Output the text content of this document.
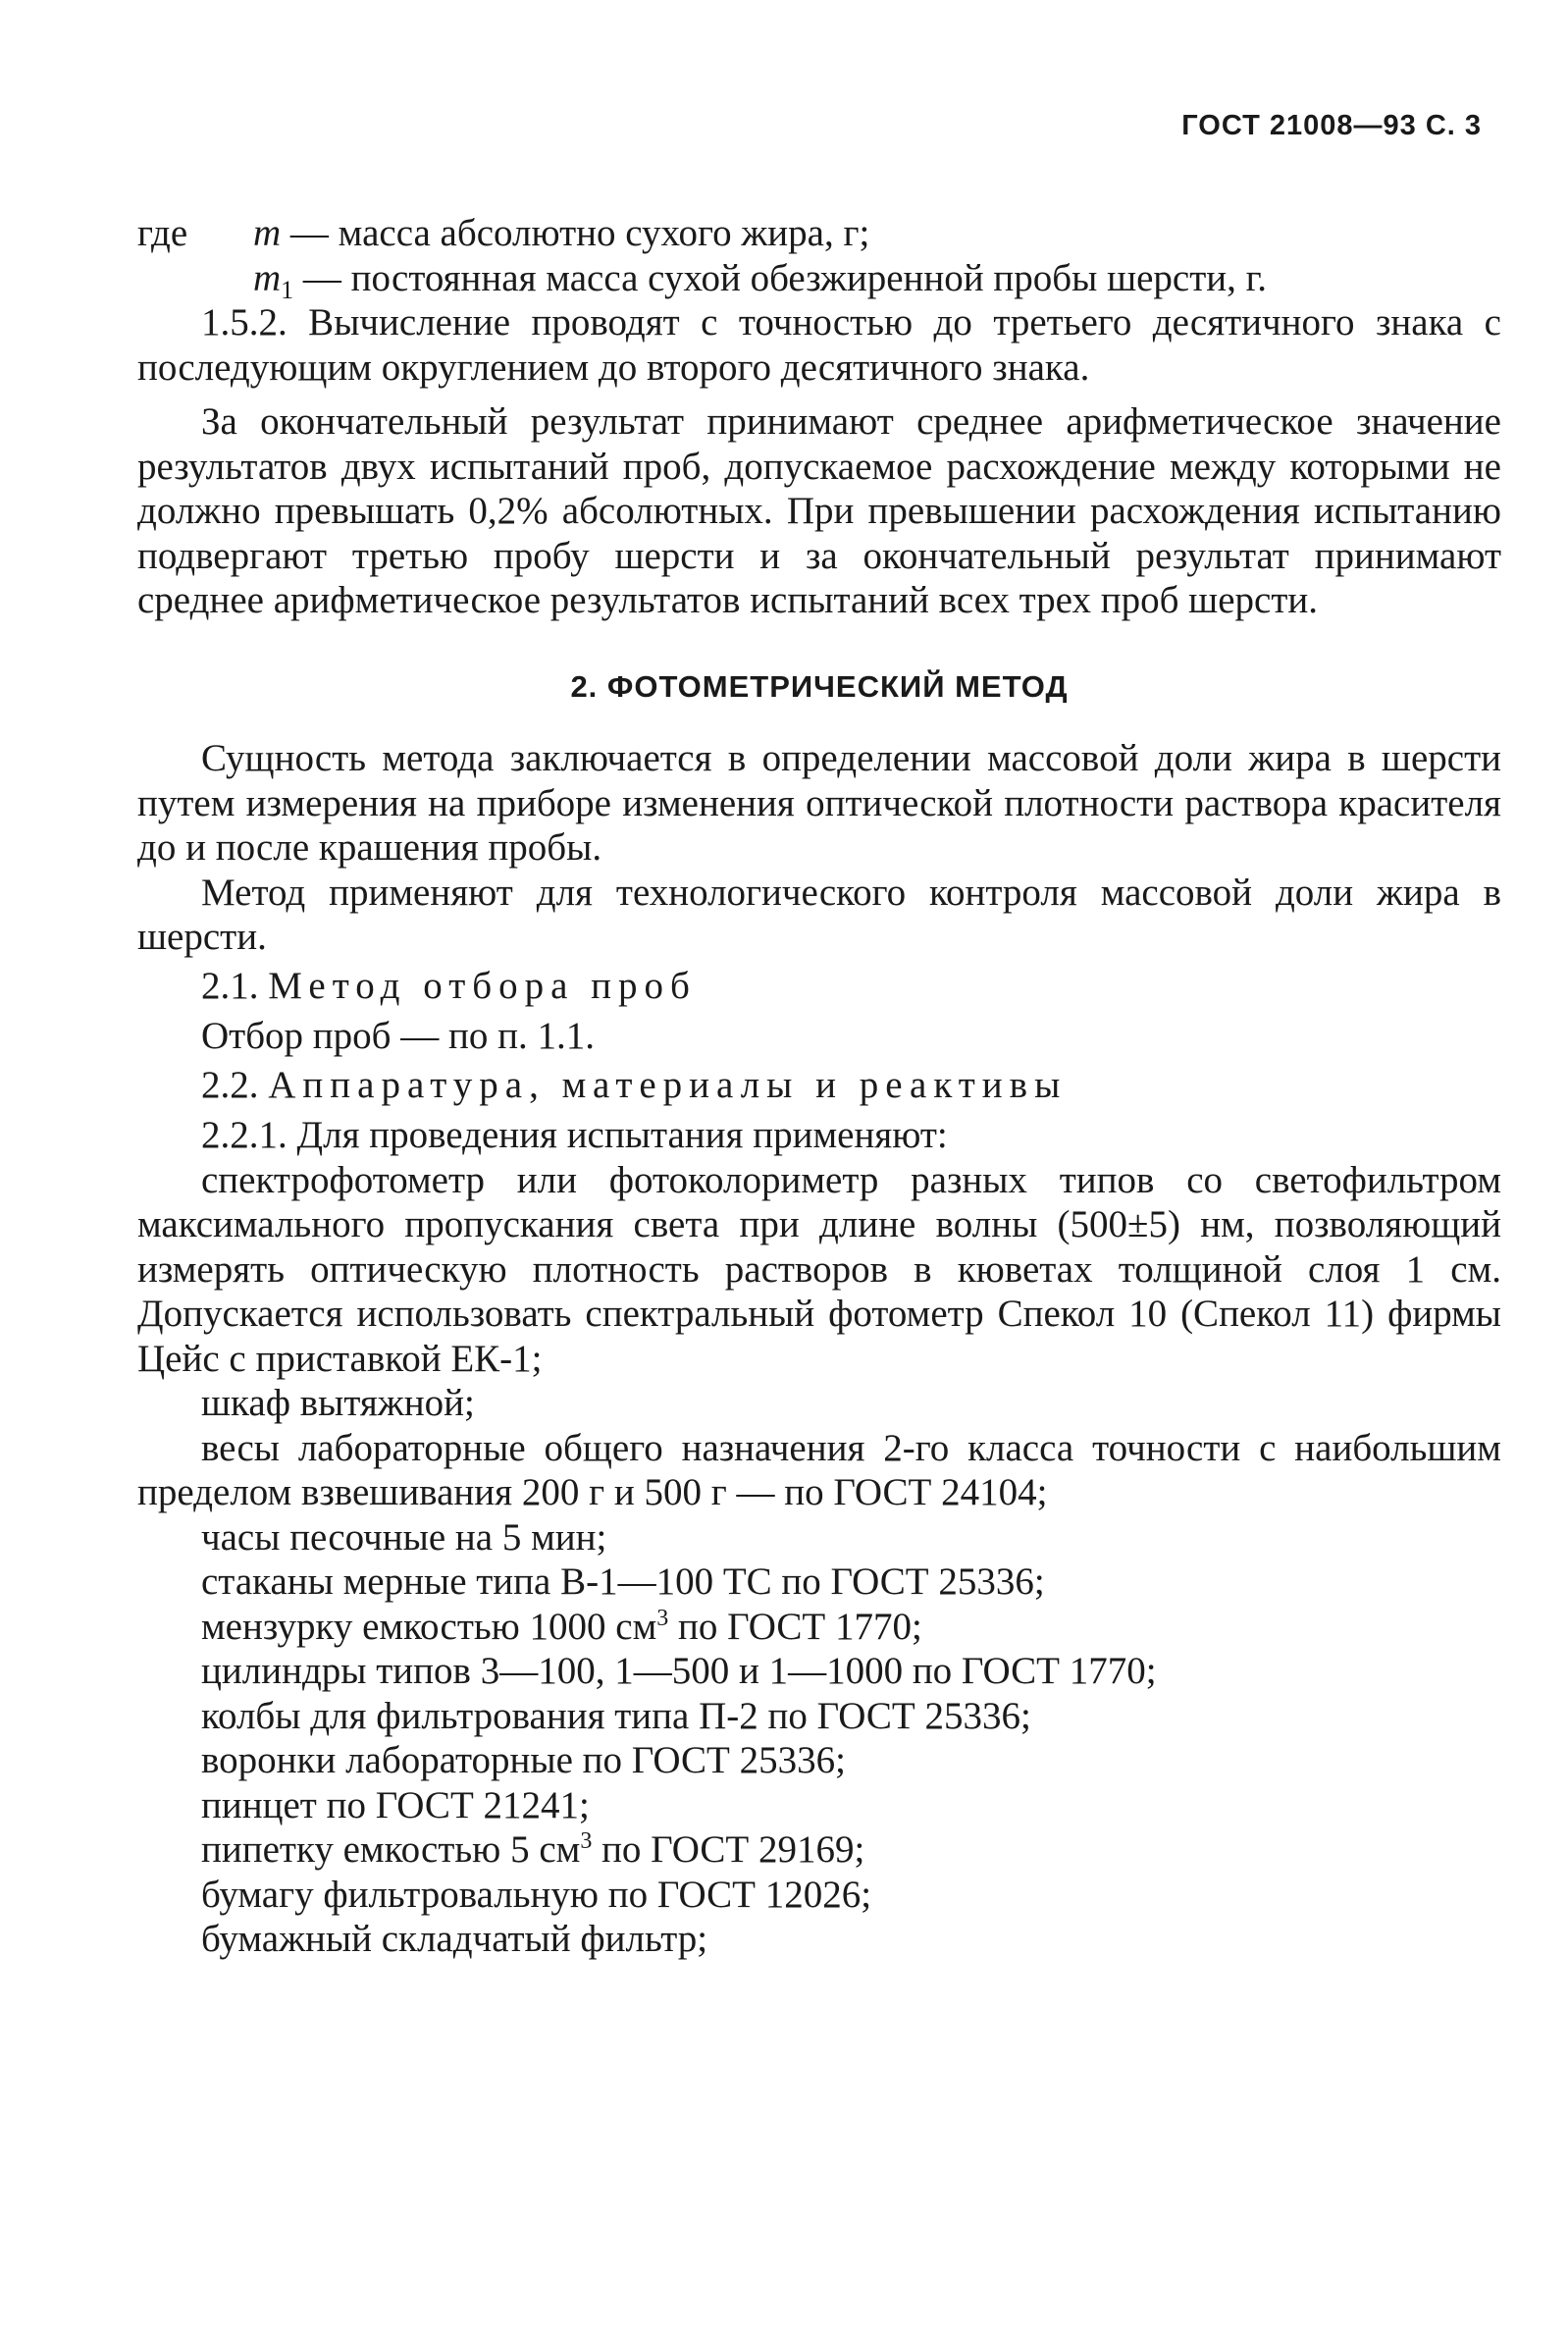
ГОСТ 21008—93 С. 3

где m — масса абсолютно сухого жира, г;

$m_1$ — постоянная масса сухой обезжиренной пробы шерсти, г.

1.5.2. Вычисление проводят с точностью до третьего десятичного знака с последующим округлением до второго десятичного знака.

За окончательный результат принимают среднее арифметическое значение результатов двух испытаний проб, допускаемое расхождение между которыми не должно превышать 0,2% абсолютных. При превышении расхождения испытанию подвергают третью пробу шерсти и за окончательный результат принимают среднее арифметическое результатов испытаний всех трех проб шерсти.

2. ФОТОМЕТРИЧЕСКИЙ МЕТОД

Сущность метода заключается в определении массовой доли жира в шерсти путем измерения на приборе изменения оптической плотности раствора красителя до и после крашения пробы.

Метод применяют для технологического контроля массовой доли жира в шерсти.

2.1. Метод отбора проб

Отбор проб — по п. 1.1.

2.2. Аппаратура, материалы и реактивы

2.2.1. Для проведения испытания применяют:

спектрофотометр или фотоколориметр разных типов со светофильтром максимального пропускания света при длине волны (500±5) нм, позволяющий измерять оптическую плотность растворов в кюветах толщиной слоя 1 см. Допускается использовать спектральный фотометр Спекол 10 (Спекол 11) фирмы Цейс с приставкой ЕК-1;

шкаф вытяжной;

весы лабораторные общего назначения 2-го класса точности с наибольшим пределом взвешивания 200 г и 500 г — по ГОСТ 24104;

часы песочные на 5 мин;

стаканы мерные типа В-1—100 ТС по ГОСТ 25336;

мензурку емкостью 1000 $см^3$ по ГОСТ 1770;

цилиндры типов 3—100, 1—500 и 1—1000 по ГОСТ 1770;

колбы для фильтрования типа П-2 по ГОСТ 25336;

воронки лабораторные по ГОСТ 25336;

пинцет по ГОСТ 21241;

пипетку емкостью 5 $см^3$ по ГОСТ 29169;

бумагу фильтровальную по ГОСТ 12026;

бумажный складчатый фильтр;
